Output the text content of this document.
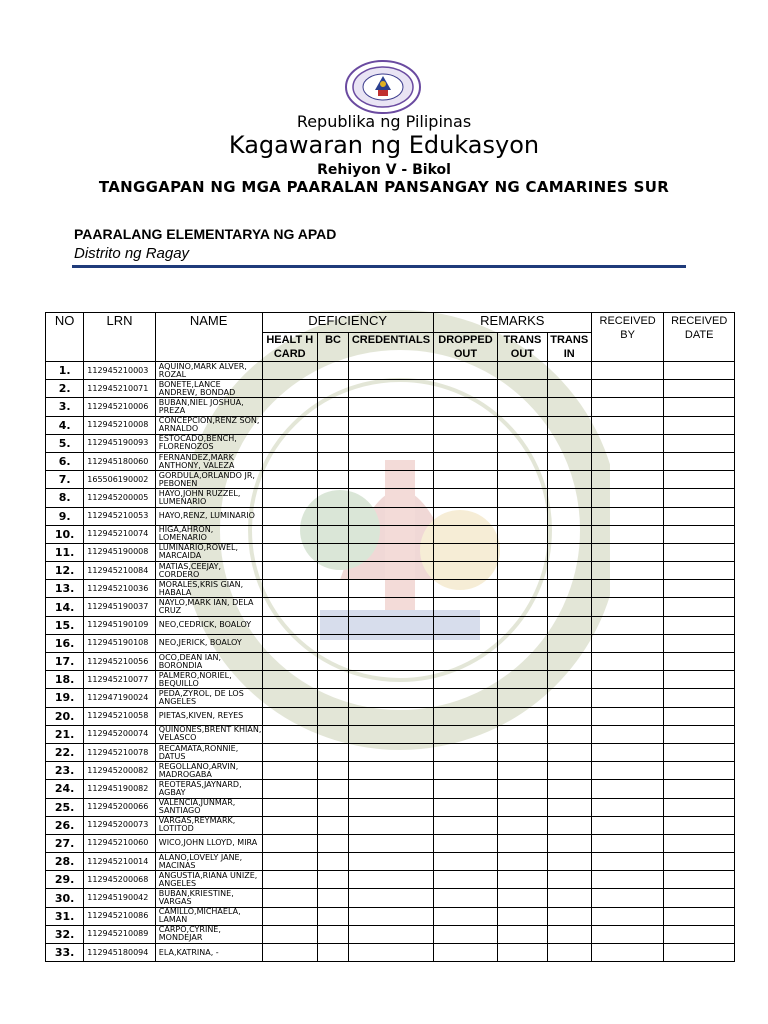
Republika ng Pilipinas
Kagawaran ng Edukasyon
Rehiyon V - Bikol
TANGGAPAN NG MGA PAARALAN PANSANGAY NG CAMARINES SUR
PAARALANG ELEMENTARYA NG APAD
Distrito ng Ragay
NO	LRN	NAME	DEFICIENCY			REMARKS			RECEIVED BY	RECEIVED DATE
			HEALT H CARD	BC	CREDENTIALS	DROPPED OUT	TRANS OUT	TRANS IN		
1.	112945210003	AQUINO,MARK ALVER, ROZAL								
2.	112945210071	BONETE,LANCE ANDREW, BONDAD								
3.	112945210006	BUBAN,NIEL JOSHUA, PREZA								
4.	112945210008	CONCEPCION,RENZ SON, ARNALDO								
5.	112945190093	ESTOCADO,BENCH, FLORENOZOS								
6.	112945180060	FERNANDEZ,MARK ANTHONY, VALEZA								
7.	165506190002	GORDULA,ORLANDO JR, PEBONEN								
8.	112945200005	HAYO,JOHN RUZZEL, LUMENARIO								
9.	112945210053	HAYO,RENZ, LUMINARIO								
10.	112945210074	HIGA,AHRON, LOMENARIO								
11.	112945190008	LUMINARIO,ROWEL, MARCAIDA								
12.	112945210084	MATIAS,CEEJAY, CORDERO								
13.	112945210036	MORALES,KRIS GIAN, HABALA								
14.	112945190037	NAYLO,MARK IAN, DELA CRUZ								
15.	112945190109	NEO,CEDRICK, BOALOY								
16.	112945190108	NEO,JERICK, BOALOY								
17.	112945210056	OCO,DEAN IAN, BORONDIA								
18.	112945210077	PALMERO,NORIEL, BEQUILLO								
19.	112947190024	PEDA,ZYROL, DE LOS ANGELES								
20.	112945210058	PIETAS,KIVEN, REYES								
21.	112945200074	QUINONES,BRENT KHIAN, VELASCO								
22.	112945210078	RECAMATA,RONNIE, DATUS								
23.	112945200082	REGOLLANO,ARVIN, MADROGABA								
24.	112945190082	REOTERAS,JAYNARD, AGBAY								
25.	112945200066	VALENCIA,JUNMAR, SANTIAGO								
26.	112945200073	VARGAS,REYMARK, LOTITOD								
27.	112945210060	WICO,JOHN LLOYD, MIRA								
28.	112945210014	ALANO,LOVELY JANE, MACINAS								
29.	112945200068	ANGUSTIA,RIANA UNIZE, ANGELES								
30.	112945190042	BUBAN,KRIESTINE, VARGAS								
31.	112945210086	CAMILLO,MICHAELA, LAMAN								
32.	112945210089	CARPO,CYRINE, MONDEJAR								
33.	112945180094	ELA,KATRINA, -								
